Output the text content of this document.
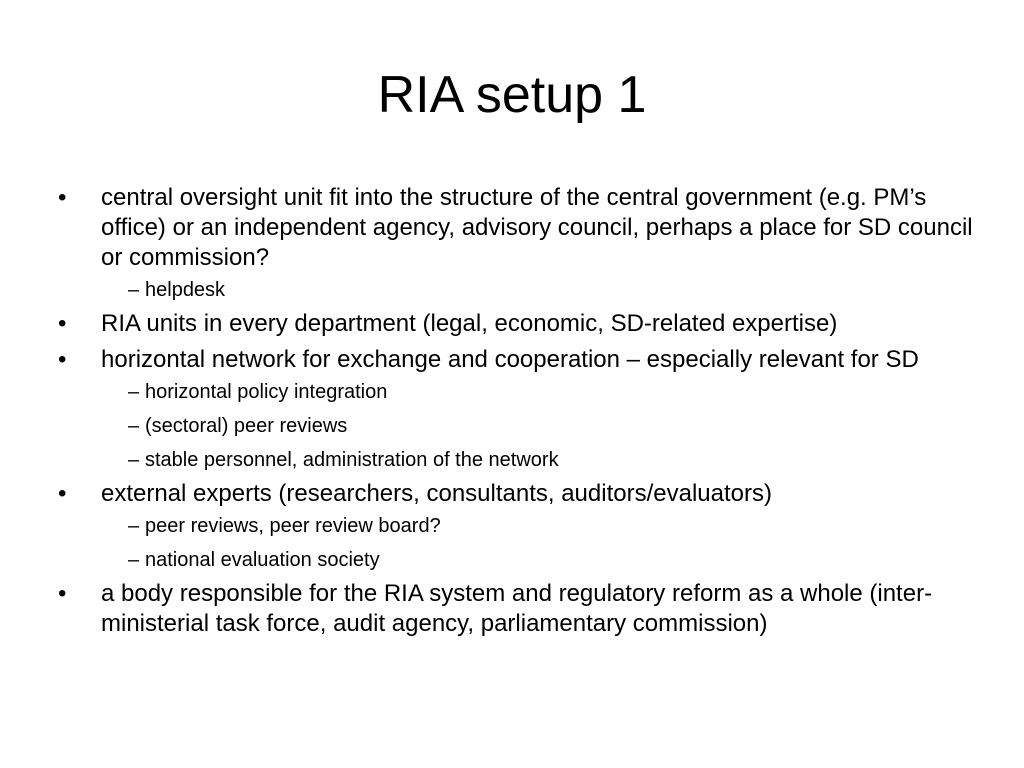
RIA setup 1
•	central oversight unit fit into the structure of the central government (e.g. PM’s office) or an independent agency, advisory council, perhaps a place for SD council or commission?
– helpdesk
•	RIA units in every department (legal, economic, SD-related expertise)
•	horizontal network for exchange and cooperation – especially relevant for SD
– horizontal policy integration
– (sectoral) peer reviews
– stable personnel, administration of the network
•	external experts (researchers, consultants, auditors/evaluators)
– peer reviews, peer review board?
– national evaluation society
•	a body responsible for the RIA system and regulatory reform as a whole (inter-ministerial task force, audit agency, parliamentary commission)
